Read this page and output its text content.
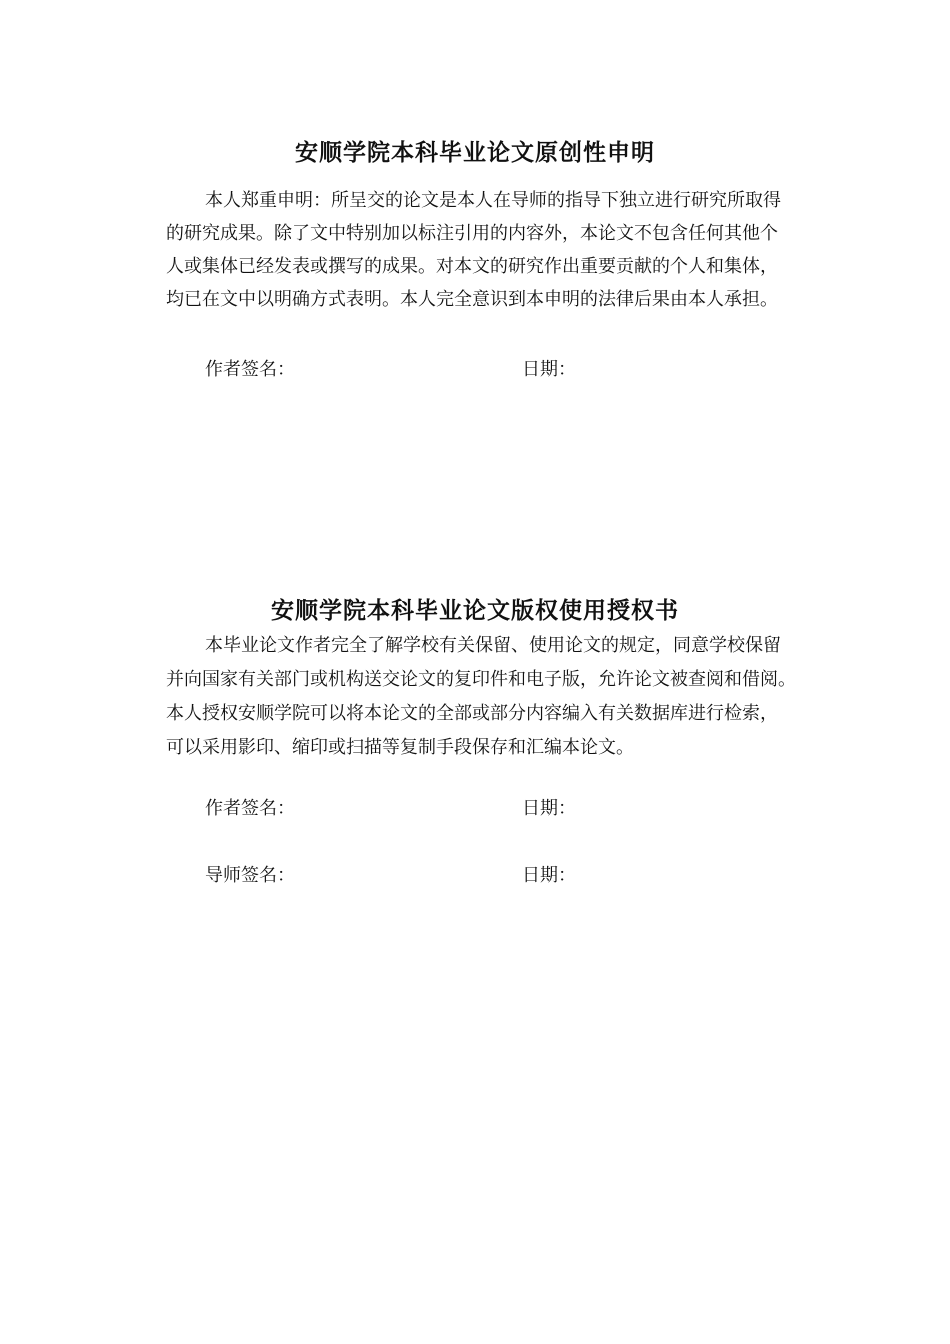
安顺学院本科毕业论文原创性申明

本人郑重申明：所呈交的论文是本人在导师的指导下独立进行研究所取得

的研究成果。除了文中特别加以标注引用的内容外，本论文不包含任何其他个

人或集体已经发表或撰写的成果。对本文的研究作出重要贡献的个人和集体，

均已在文中以明确方式表明。本人完全意识到本申明的法律后果由本人承担。

作者签名：	日期：
安顺学院本科毕业论文版权使用授权书

本毕业论文作者完全了解学校有关保留、使用论文的规定，同意学校保留

并向国家有关部门或机构送交论文的复印件和电子版，允许论文被查阅和借阅。

本人授权安顺学院可以将本论文的全部或部分内容编入有关数据库进行检索，

可以采用影印、缩印或扫描等复制手段保存和汇编本论文。

作者签名：	日期：
导师签名：	日期：
